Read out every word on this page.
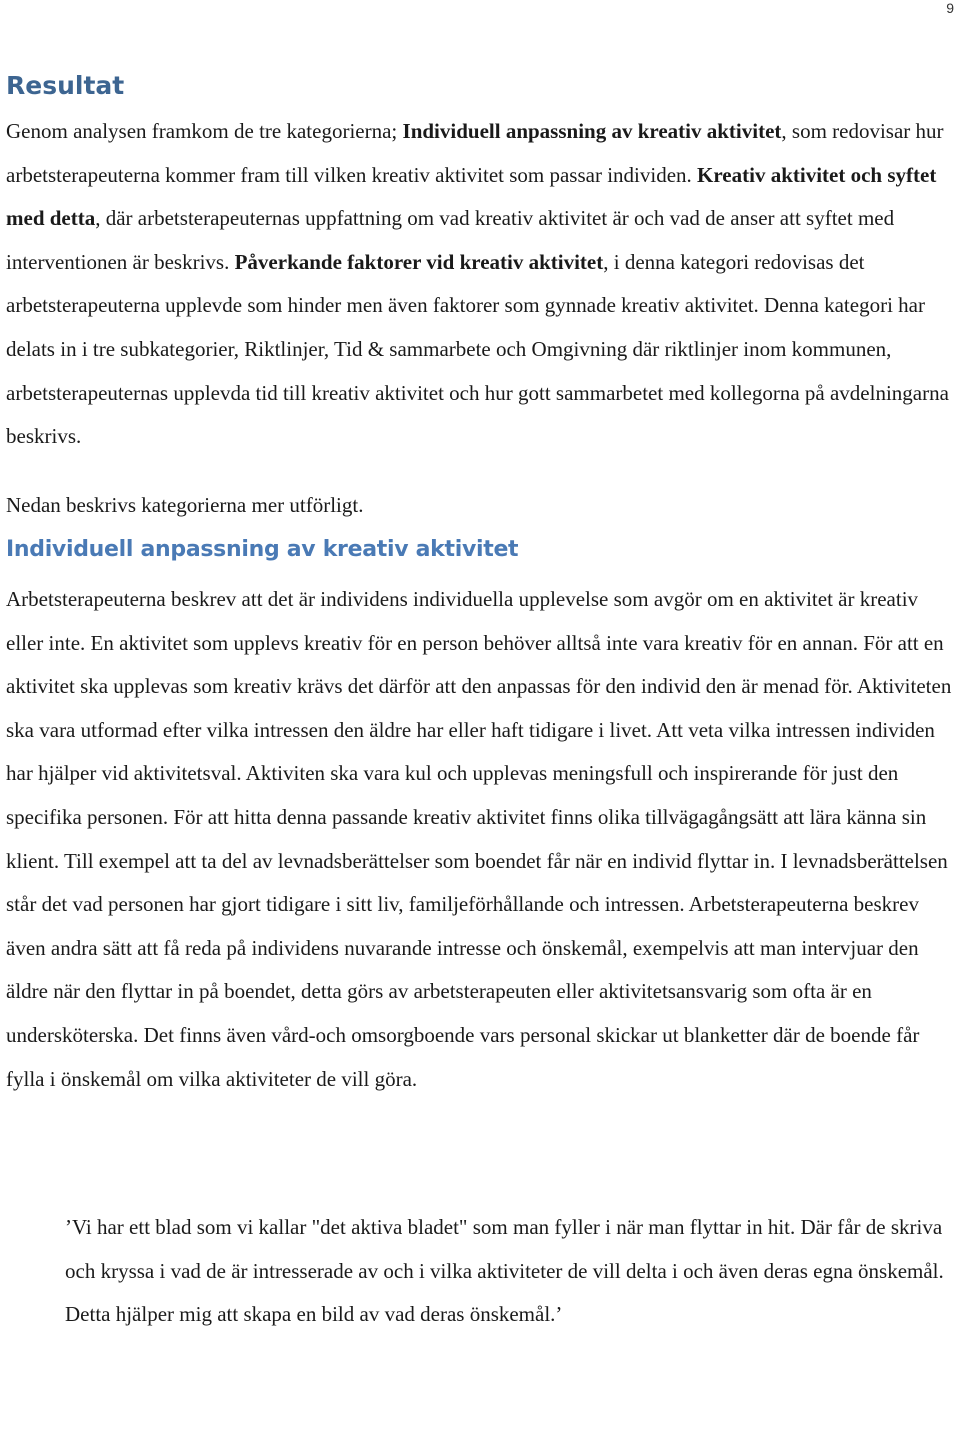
9
Resultat

Genom analysen framkom de tre kategorierna; Individuell anpassning av kreativ aktivitet, som redovisar hur arbetsterapeuterna kommer fram till vilken kreativ aktivitet som passar individen. Kreativ aktivitet och syftet med detta, där arbetsterapeuternas uppfattning om vad kreativ aktivitet är och vad de anser att syftet med interventionen är beskrivs. Påverkande faktorer vid kreativ aktivitet, i denna kategori redovisas det arbetsterapeuterna upplevde som hinder men även faktorer som gynnade kreativ aktivitet. Denna kategori har delats in i tre subkategorier, Riktlinjer, Tid & sammarbete och Omgivning där riktlinjer inom kommunen, arbetsterapeuternas upplevda tid till kreativ aktivitet och hur gott sammarbetet med kollegorna på avdelningarna beskrivs.

Nedan beskrivs kategorierna mer utförligt.

Individuell anpassning av kreativ aktivitet

Arbetsterapeuterna beskrev att det är individens individuella upplevelse som avgör om en aktivitet är kreativ eller inte. En aktivitet som upplevs kreativ för en person behöver alltså inte vara kreativ för en annan. För att en aktivitet ska upplevas som kreativ krävs det därför att den anpassas för den individ den är menad för. Aktiviteten ska vara utformad efter vilka intressen den äldre har eller haft tidigare i livet. Att veta vilka intressen individen har hjälper vid aktivitetsval. Aktiviten ska vara kul och upplevas meningsfull och inspirerande för just den specifika personen. För att hitta denna passande kreativ aktivitet finns olika tillvägagångsätt att lära känna sin klient. Till exempel att ta del av levnadsberättelser som boendet får när en individ flyttar in. I levnadsberättelsen står det vad personen har gjort tidigare i sitt liv, familjeförhållande och intressen. Arbetsterapeuterna beskrev även andra sätt att få reda på individens nuvarande intresse och önskemål, exempelvis att man intervjuar den äldre när den flyttar in på boendet, detta görs av arbetsterapeuten eller aktivitetsansvarig som ofta är en undersköterska. Det finns även vård-och omsorgboende vars personal skickar ut blanketter där de boende får fylla i önskemål om vilka aktiviteter de vill göra.

’Vi har ett blad som vi kallar "det aktiva bladet" som man fyller i när man flyttar in hit. Där får de skriva och kryssa i vad de är intresserade av och i vilka aktiviteter de vill delta i och även deras egna önskemål. Detta hjälper mig att skapa en bild av vad deras önskemål.’
